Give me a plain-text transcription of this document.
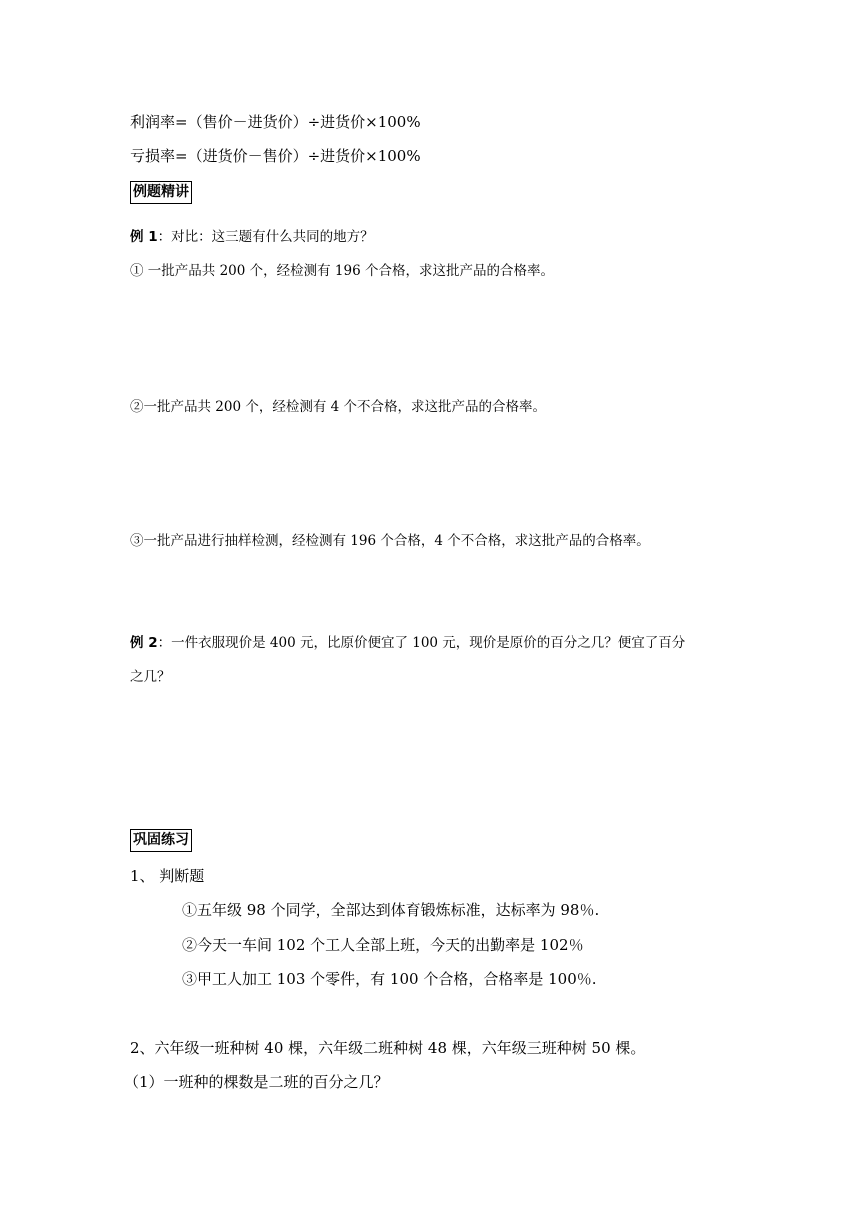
利润率=（售价－进货价）÷进货价×100%
亏损率=（进货价－售价）÷进货价×100%
例题精讲
例 1：对比：这三题有什么共同的地方？
① 一批产品共 200 个，经检测有 196 个合格，求这批产品的合格率。
②一批产品共 200 个，经检测有 4 个不合格，求这批产品的合格率。
③一批产品进行抽样检测，经检测有 196 个合格，4 个不合格，求这批产品的合格率。
例 2：一件衣服现价是 400 元，比原价便宜了 100 元，现价是原价的百分之几？便宜了百分
之几？
巩固练习
1、 判断题
①五年级 98 个同学，全部达到体育锻炼标准，达标率为 98％.
②今天一车间 102 个工人全部上班，今天的出勤率是 102％
③甲工人加工 103 个零件，有 100 个合格，合格率是 100％.
2、六年级一班种树 40 棵，六年级二班种树 48 棵，六年级三班种树 50 棵。
（1）一班种的棵数是二班的百分之几？
